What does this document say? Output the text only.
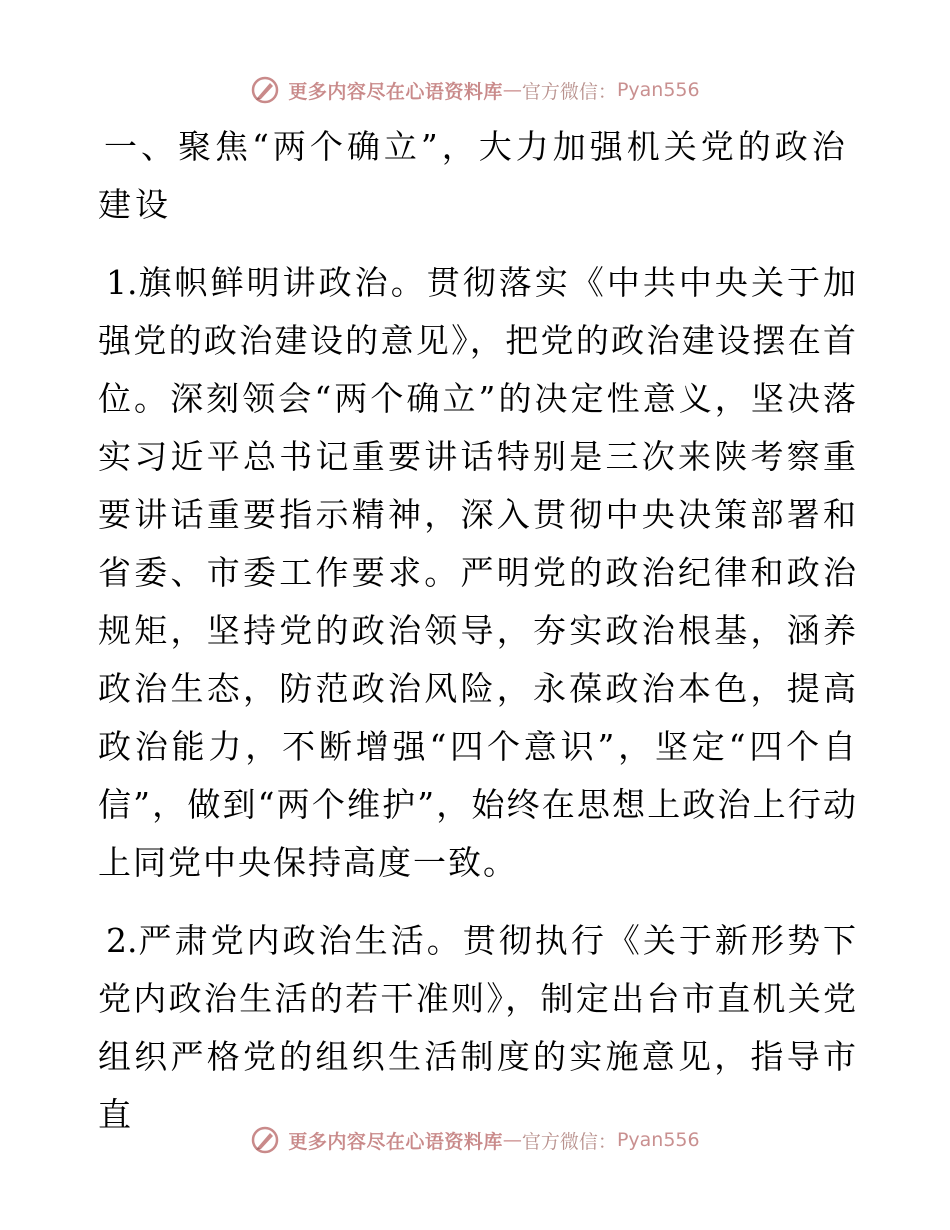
更多内容尽在心语资料库 — 官方微信： Pyan556
一、聚焦“两个确立”，大力加强机关党的政治建设

1.旗帜鲜明讲政治。贯彻落实《中共中央关于加强党的政治建设的意见》，把党的政治建设摆在首位。深刻领会“两个确立”的决定性意义，坚决落实习近平总书记重要讲话特别是三次来陕考察重要讲话重要指示精神，深入贯彻中央决策部署和省委、市委工作要求。严明党的政治纪律和政治规矩，坚持党的政治领导，夯实政治根基，涵养政治生态，防范政治风险，永葆政治本色，提高政治能力，不断增强“四个意识”，坚定“四个自信”，做到“两个维护”，始终在思想上政治上行动上同党中央保持高度一致。

2.严肃党内政治生活。贯彻执行《关于新形势下党内政治生活的若干准则》，制定出台市直机关党组织严格党的组织生活制度的实施意见，指导市直

更多内容尽在心语资料库 — 官方微信： Pyan556
